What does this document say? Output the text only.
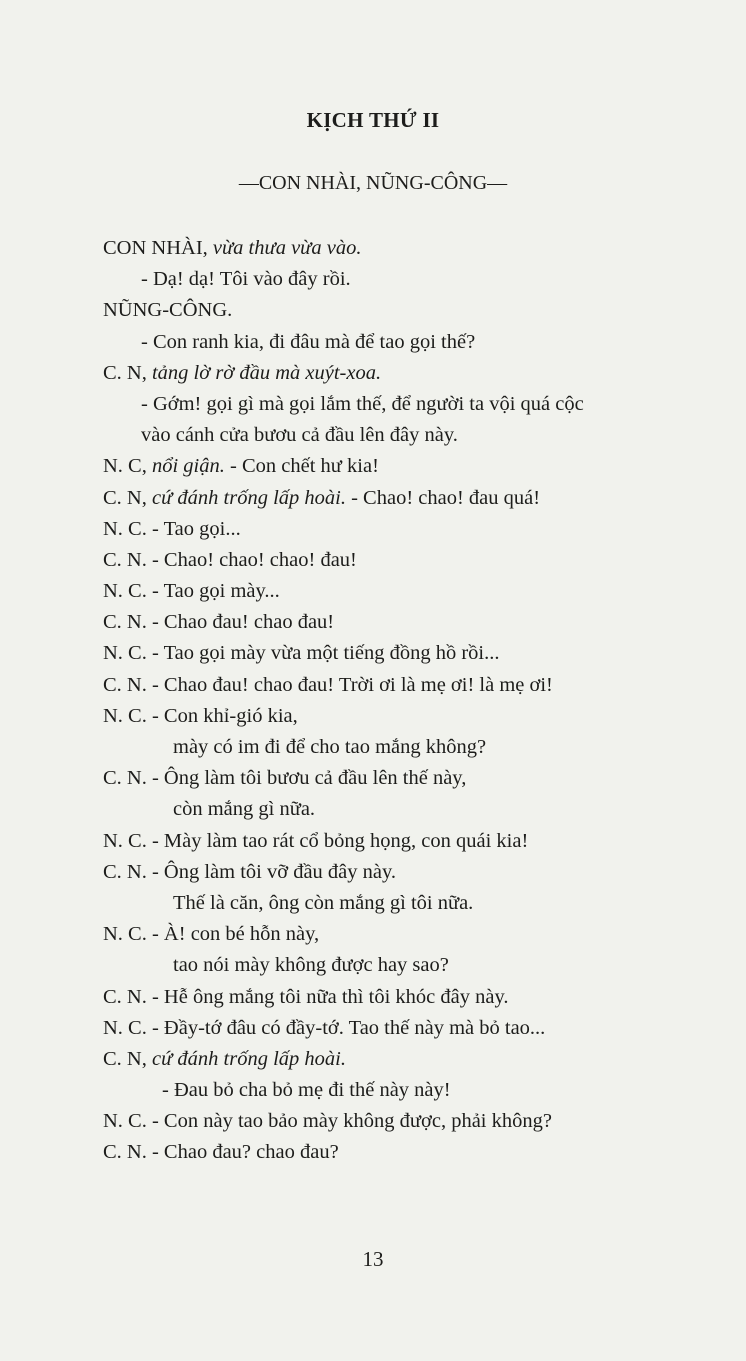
KỊCH THỨ II
—CON NHÀI, NŨNG-CÔNG—
CON NHÀI, vừa thưa vừa vào.
- Dạ! dạ! Tôi vào đây rồi.
NŨNG-CÔNG.
- Con ranh kia, đi đâu mà để tao gọi thế?
C. N, tảng lờ rờ đầu mà xuýt-xoa.
- Gớm! gọi gì mà gọi lắm thế, để người ta vội quá cộc
vào cánh cửa bươu cả đầu lên đây này.
N. C, nổi giận. - Con chết hư kia!
C. N, cứ đánh trống lấp hoài. - Chao! chao! đau quá!
N. C. - Tao gọi...
C. N. - Chao! chao! chao! đau!
N. C. - Tao gọi mày...
C. N. - Chao đau! chao đau!
N. C. - Tao gọi mày vừa một tiếng đồng hồ rồi...
C. N. - Chao đau! chao đau! Trời ơi là mẹ ơi! là mẹ ơi!
N. C. - Con khỉ-gió kia,
mày có im đi để cho tao mắng không?
C. N. - Ông làm tôi bươu cả đầu lên thế này,
còn mắng gì nữa.
N. C. - Mày làm tao rát cổ bỏng họng, con quái kia!
C. N. - Ông làm tôi vỡ đầu đây này.
Thế là căn, ông còn mắng gì tôi nữa.
N. C. - À! con bé hỗn này,
tao nói mày không được hay sao?
C. N. - Hễ ông mắng tôi nữa thì tôi khóc đây này.
N. C. - Đầy-tớ đâu có đầy-tớ. Tao thế này mà bỏ tao...
C. N, cứ đánh trống lấp hoài.
- Đau bỏ cha bỏ mẹ đi thế này này!
N. C. - Con này tao bảo mày không được, phải không?
C. N. - Chao đau? chao đau?
13
